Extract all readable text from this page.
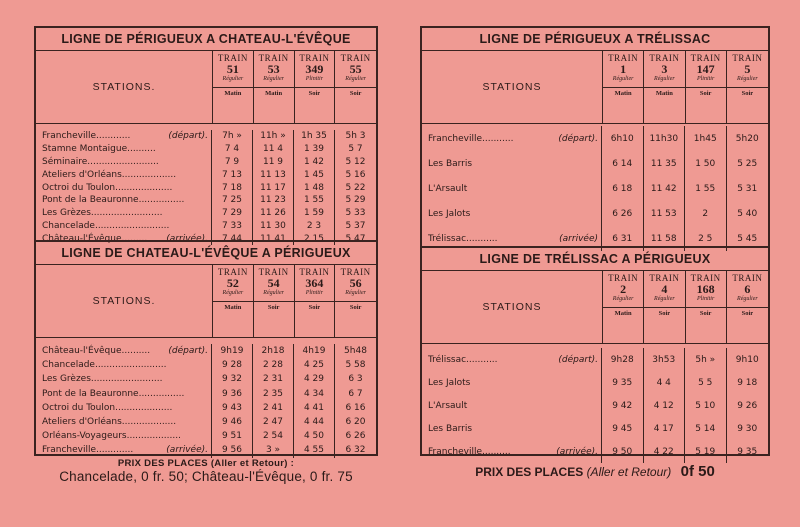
LIGNE DE PÉRIGUEUX A CHATEAU-L'ÉVÊQUE
STATIONS.
TRAIN
51
Régulier
Matin
TRAIN
53
Régulier
Matin
TRAIN
349
Plinitir
Soir
TRAIN
55
Régulier
Soir
Francheville............	(départ).	7h »	11h »	1h 35	5h 3
Stamne Montaigue..........	7 4	11 4	1 39	5 7
Séminaire.........................	7 9	11 9	1 42	5 12
Ateliers d'Orléans...................	7 13	11 13	1 45	5 16
Octroi du Toulon....................	7 18	11 17	1 48	5 22
Pont de la Beauronne................	7 25	11 23	1 55	5 29
Les Grèzes.........................	7 29	11 26	1 59	5 33
Chancelade..........................	7 33	11 30	2 3	5 37
Château-l'Évêque......... (arrivée).	7 44	11 41	2 15	5 47
LIGNE DE CHATEAU-L'ÉVÊQUE A PÉRIGUEUX
STATIONS.
TRAIN
52
Régulier
Matin
TRAIN
54
Régulier
Soir
TRAIN
364
Plinitir
Soir
TRAIN
56
Régulier
Soir
Château-l'Évêque.......... (départ).	9h19	2h18	4h19	5h48
Chancelade.........................	9 28	2 28	4 25	5 58
Les Grèzes.........................	9 32	2 31	4 29	6 3
Pont de la Beauronne................	9 36	2 35	4 34	6 7
Octroi du Toulon....................	9 43	2 41	4 41	6 16
Ateliers d'Orléans...................	9 46	2 47	4 44	6 20
Orléans-Voyageurs...................	9 51	2 54	4 50	6 26
Francheville.............	(arrivée).	9 56	3 »	4 55	6 32
PRIX DES PLACES (Aller et Retour) :
Chancelade, 0 fr. 50; Château-l'Évêque, 0 fr. 75
LIGNE DE PÉRIGUEUX A TRÉLISSAC
STATIONS
TRAIN
1
Régulier
Matin
TRAIN
3
Régulier
Matin
TRAIN
147
Plinitir
Soir
TRAIN
5
Régulier
Soir
Francheville...........	(départ).	6h10	11h30	1h45	5h20
Les Barris	6 14	11 35	1 50	5 25
L'Arsault	6 18	11 42	1 55	5 31
Les Jalots	6 26	11 53	2	5 40
Trélissac...........	(arrivée)	6 31	11 58	2 5	5 45
LIGNE DE TRÉLISSAC A PÉRIGUEUX
STATIONS
TRAIN
2
Régulier
Matin
TRAIN
4
Régulier
Soir
TRAIN
168
Plinitir
Soir
TRAIN
6
Régulier
Soir
Trélissac...........	(départ).	9h28	3h53	5h »	9h10
Les Jalots	9 35	4 4	5 5	9 18
L'Arsault	9 42	4 12	5 10	9 26
Les Barris	9 45	4 17	5 14	9 30
Francheville..........	(arrivée).	9 50	4 22	5 19	9 35
PRIX DES PLACES (Aller et Retour) 0f 50
